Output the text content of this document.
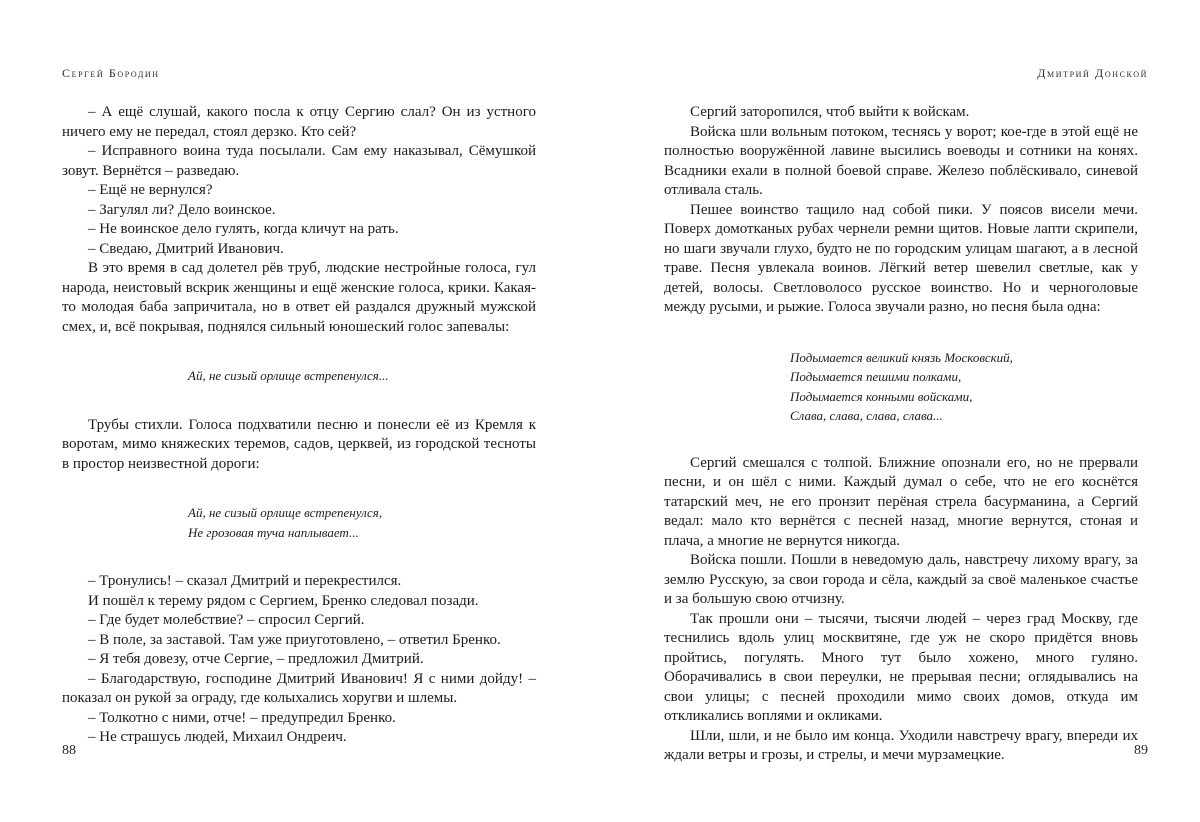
Сергей Бородин

– А ещё слушай, какого посла к отцу Сергию слал? Он из устного ничего ему не передал, стоял дерзко. Кто сей?

– Исправного воина туда посылали. Сам ему наказывал, Сёмушкой зовут. Вернётся – разведаю.

– Ещё не вернулся?

– Загулял ли? Дело воинское.

– Не воинское дело гулять, когда кличут на рать.

– Сведаю, Дмитрий Иванович.

В это время в сад долетел рёв труб, людские нестройные голоса, гул народа, неистовый вскрик женщины и ещё женские голоса, крики. Какая-то молодая баба запричитала, но в ответ ей раздался дружный мужской смех, и, всё покрывая, поднялся сильный юношеский голос запевалы:

Ай, не сизый орлище встрепенулся...

Трубы стихли. Голоса подхватили песню и понесли её из Кремля к воротам, мимо княжеских теремов, садов, церквей, из городской тесноты в простор неизвестной дороги:

Ай, не сизый орлище встрепенулся,
Не грозовая туча наплывает...

– Тронулись! – сказал Дмитрий и перекрестился.

И пошёл к терему рядом с Сергием, Бренко следовал позади.

– Где будет молебствие? – спросил Сергий.

– В поле, за заставой. Там уже приуготовлено, – ответил Бренко.

– Я тебя довезу, отче Сергие, – предложил Дмитрий.

– Благодарствую, господине Дмитрий Иванович! Я с ними дойду! – показал он рукой за ограду, где колыхались хоругви и шлемы.

– Толкотно с ними, отче! – предупредил Бренко.

– Не страшусь людей, Михаил Ондреич.

88
Дмитрий Донской

Сергий заторопился, чтоб выйти к войскам.

Войска шли вольным потоком, теснясь у ворот; кое-где в этой ещё не полностью вооружённой лавине высились воеводы и сотники на конях. Всадники ехали в полной боевой справе. Железо поблёскивало, синевой отливала сталь.

Пешее воинство тащило над собой пики. У поясов висели мечи. Поверх домотканых рубах чернели ремни щитов. Новые лапти скрипели, но шаги звучали глухо, будто не по городским улицам шагают, а в лесной траве. Песня увлекала воинов. Лёгкий ветер шевелил светлые, как у детей, волосы. Светловолосо русское воинство. Но и черноголовые между русыми, и рыжие. Голоса звучали разно, но песня была одна:

Подымается великий князь Московский,
Подымается пешими полками,
Подымается конными войсками,
Слава, слава, слава, слава...

Сергий смешался с толпой. Ближние опознали его, но не прервали песни, и он шёл с ними. Каждый думал о себе, что не его коснётся татарский меч, не его пронзит перёная стрела басурманина, а Сергий ведал: мало кто вернётся с песней назад, многие вернутся, стоная и плача, а многие не вернутся никогда.

Войска пошли. Пошли в неведомую даль, навстречу лихому врагу, за землю Русскую, за свои города и сёла, каждый за своё маленькое счастье и за большую свою отчизну.

Так прошли они – тысячи, тысячи людей – через град Москву, где теснились вдоль улиц москвитяне, где уж не скоро придётся вновь пройтись, погулять. Много тут было хожено, много гуляно. Оборачивались в свои переулки, не прерывая песни; оглядывались на свои улицы; с песней проходили мимо своих домов, откуда им откликались воплями и окликами.

Шли, шли, и не было им конца. Уходили навстречу врагу, впереди их ждали ветры и грозы, и стрелы, и мечи мурзамецкие.	89
